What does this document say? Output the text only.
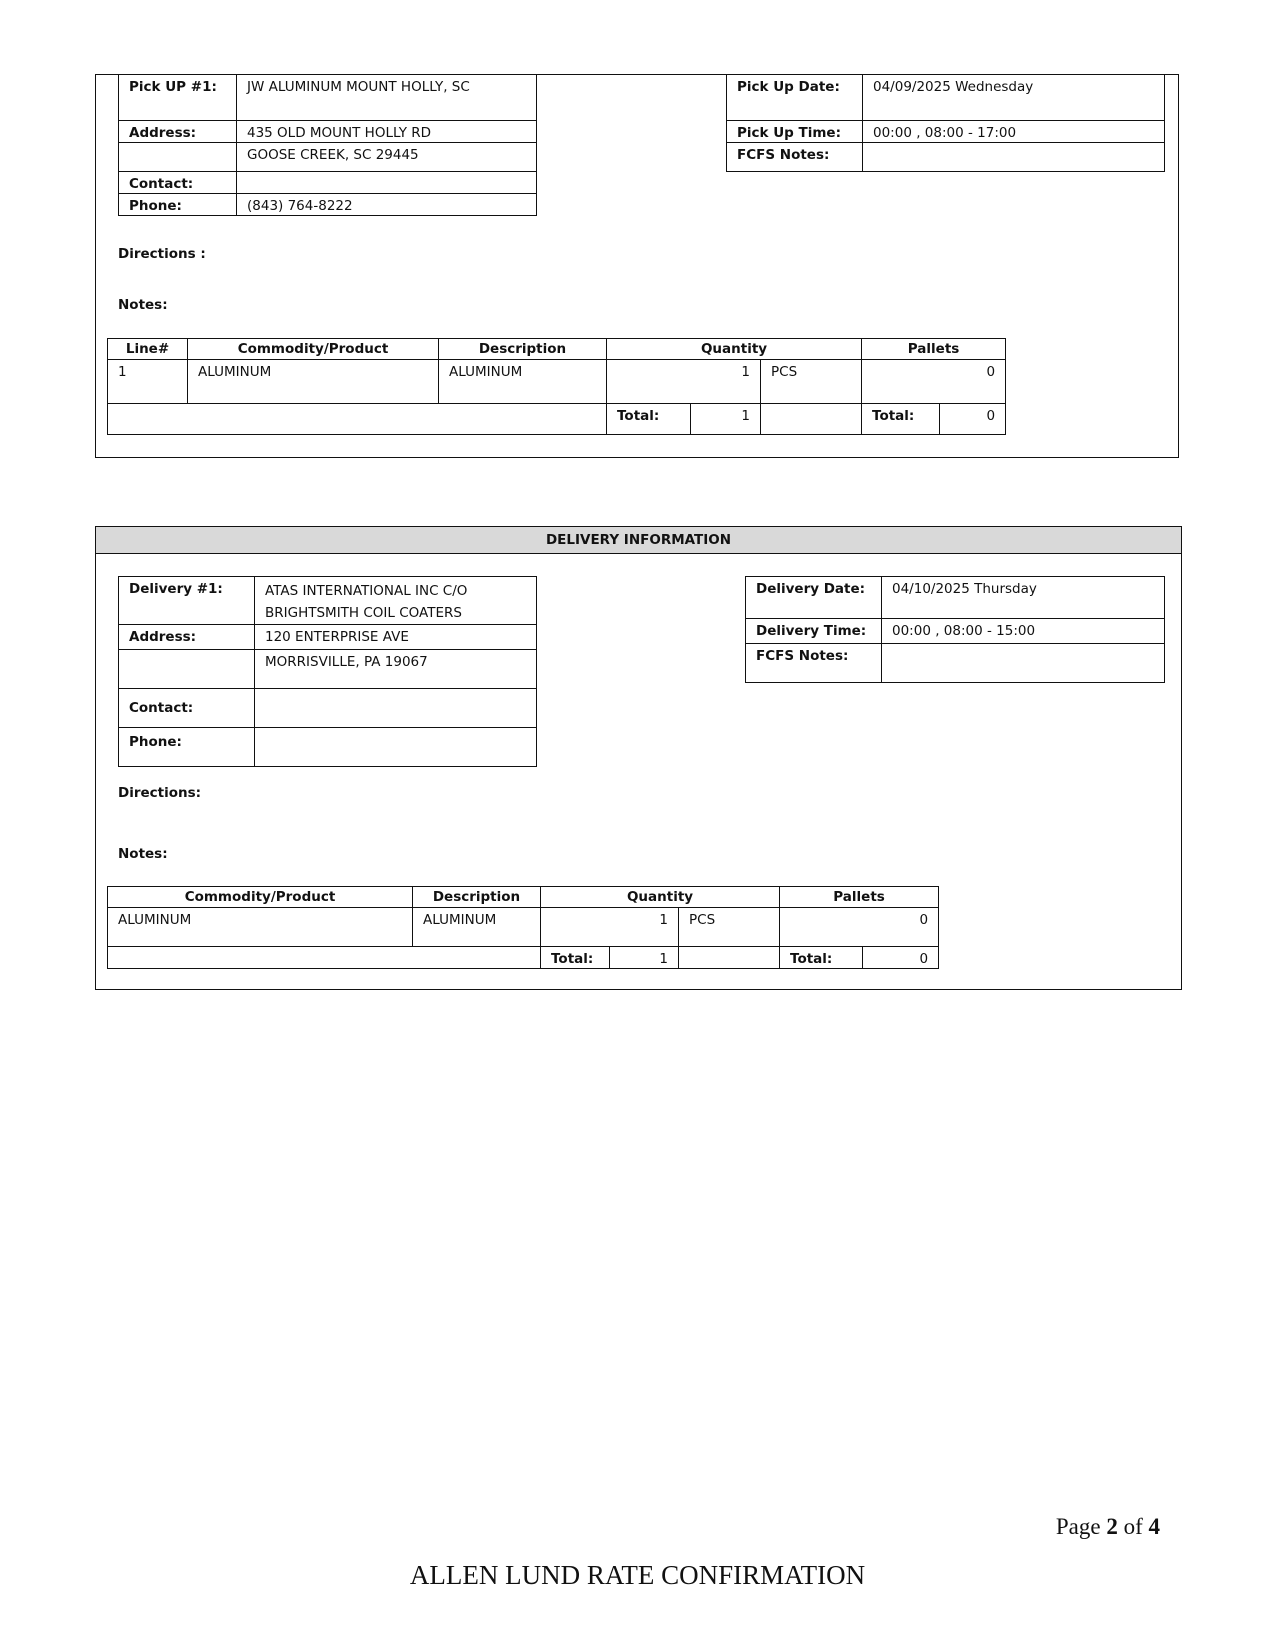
Pick UP #1:	JW ALUMINUM MOUNT HOLLY, SC
Address:	435 OLD MOUNT HOLLY RD
	GOOSE CREEK, SC 29445
Contact:	
Phone:	(843) 764-8222
Pick Up Date:	04/09/2025 Wednesday
Pick Up Time:	00:00 , 08:00 - 17:00
FCFS Notes:	
Directions :
Notes:
Line#	Commodity/Product	Description	Quantity			Pallets	
1	ALUMINUM	ALUMINUM	1		PCS	0	
			Total:	1		Total:	0
DELIVERY INFORMATION
Delivery #1:	ATAS INTERNATIONAL INC C/O
BRIGHTSMITH COIL COATERS
Address:	120 ENTERPRISE AVE
	MORRISVILLE, PA 19067
Contact:	
Phone:	
Delivery Date:	04/10/2025 Thursday
Delivery Time:	00:00 , 08:00 - 15:00
FCFS Notes:	
Directions:
Notes:
Commodity/Product	Description	Quantity			Pallets	
ALUMINUM	ALUMINUM	1		PCS	0	
		Total:	1		Total:	0
Page 2 of 4
ALLEN LUND RATE CONFIRMATION
